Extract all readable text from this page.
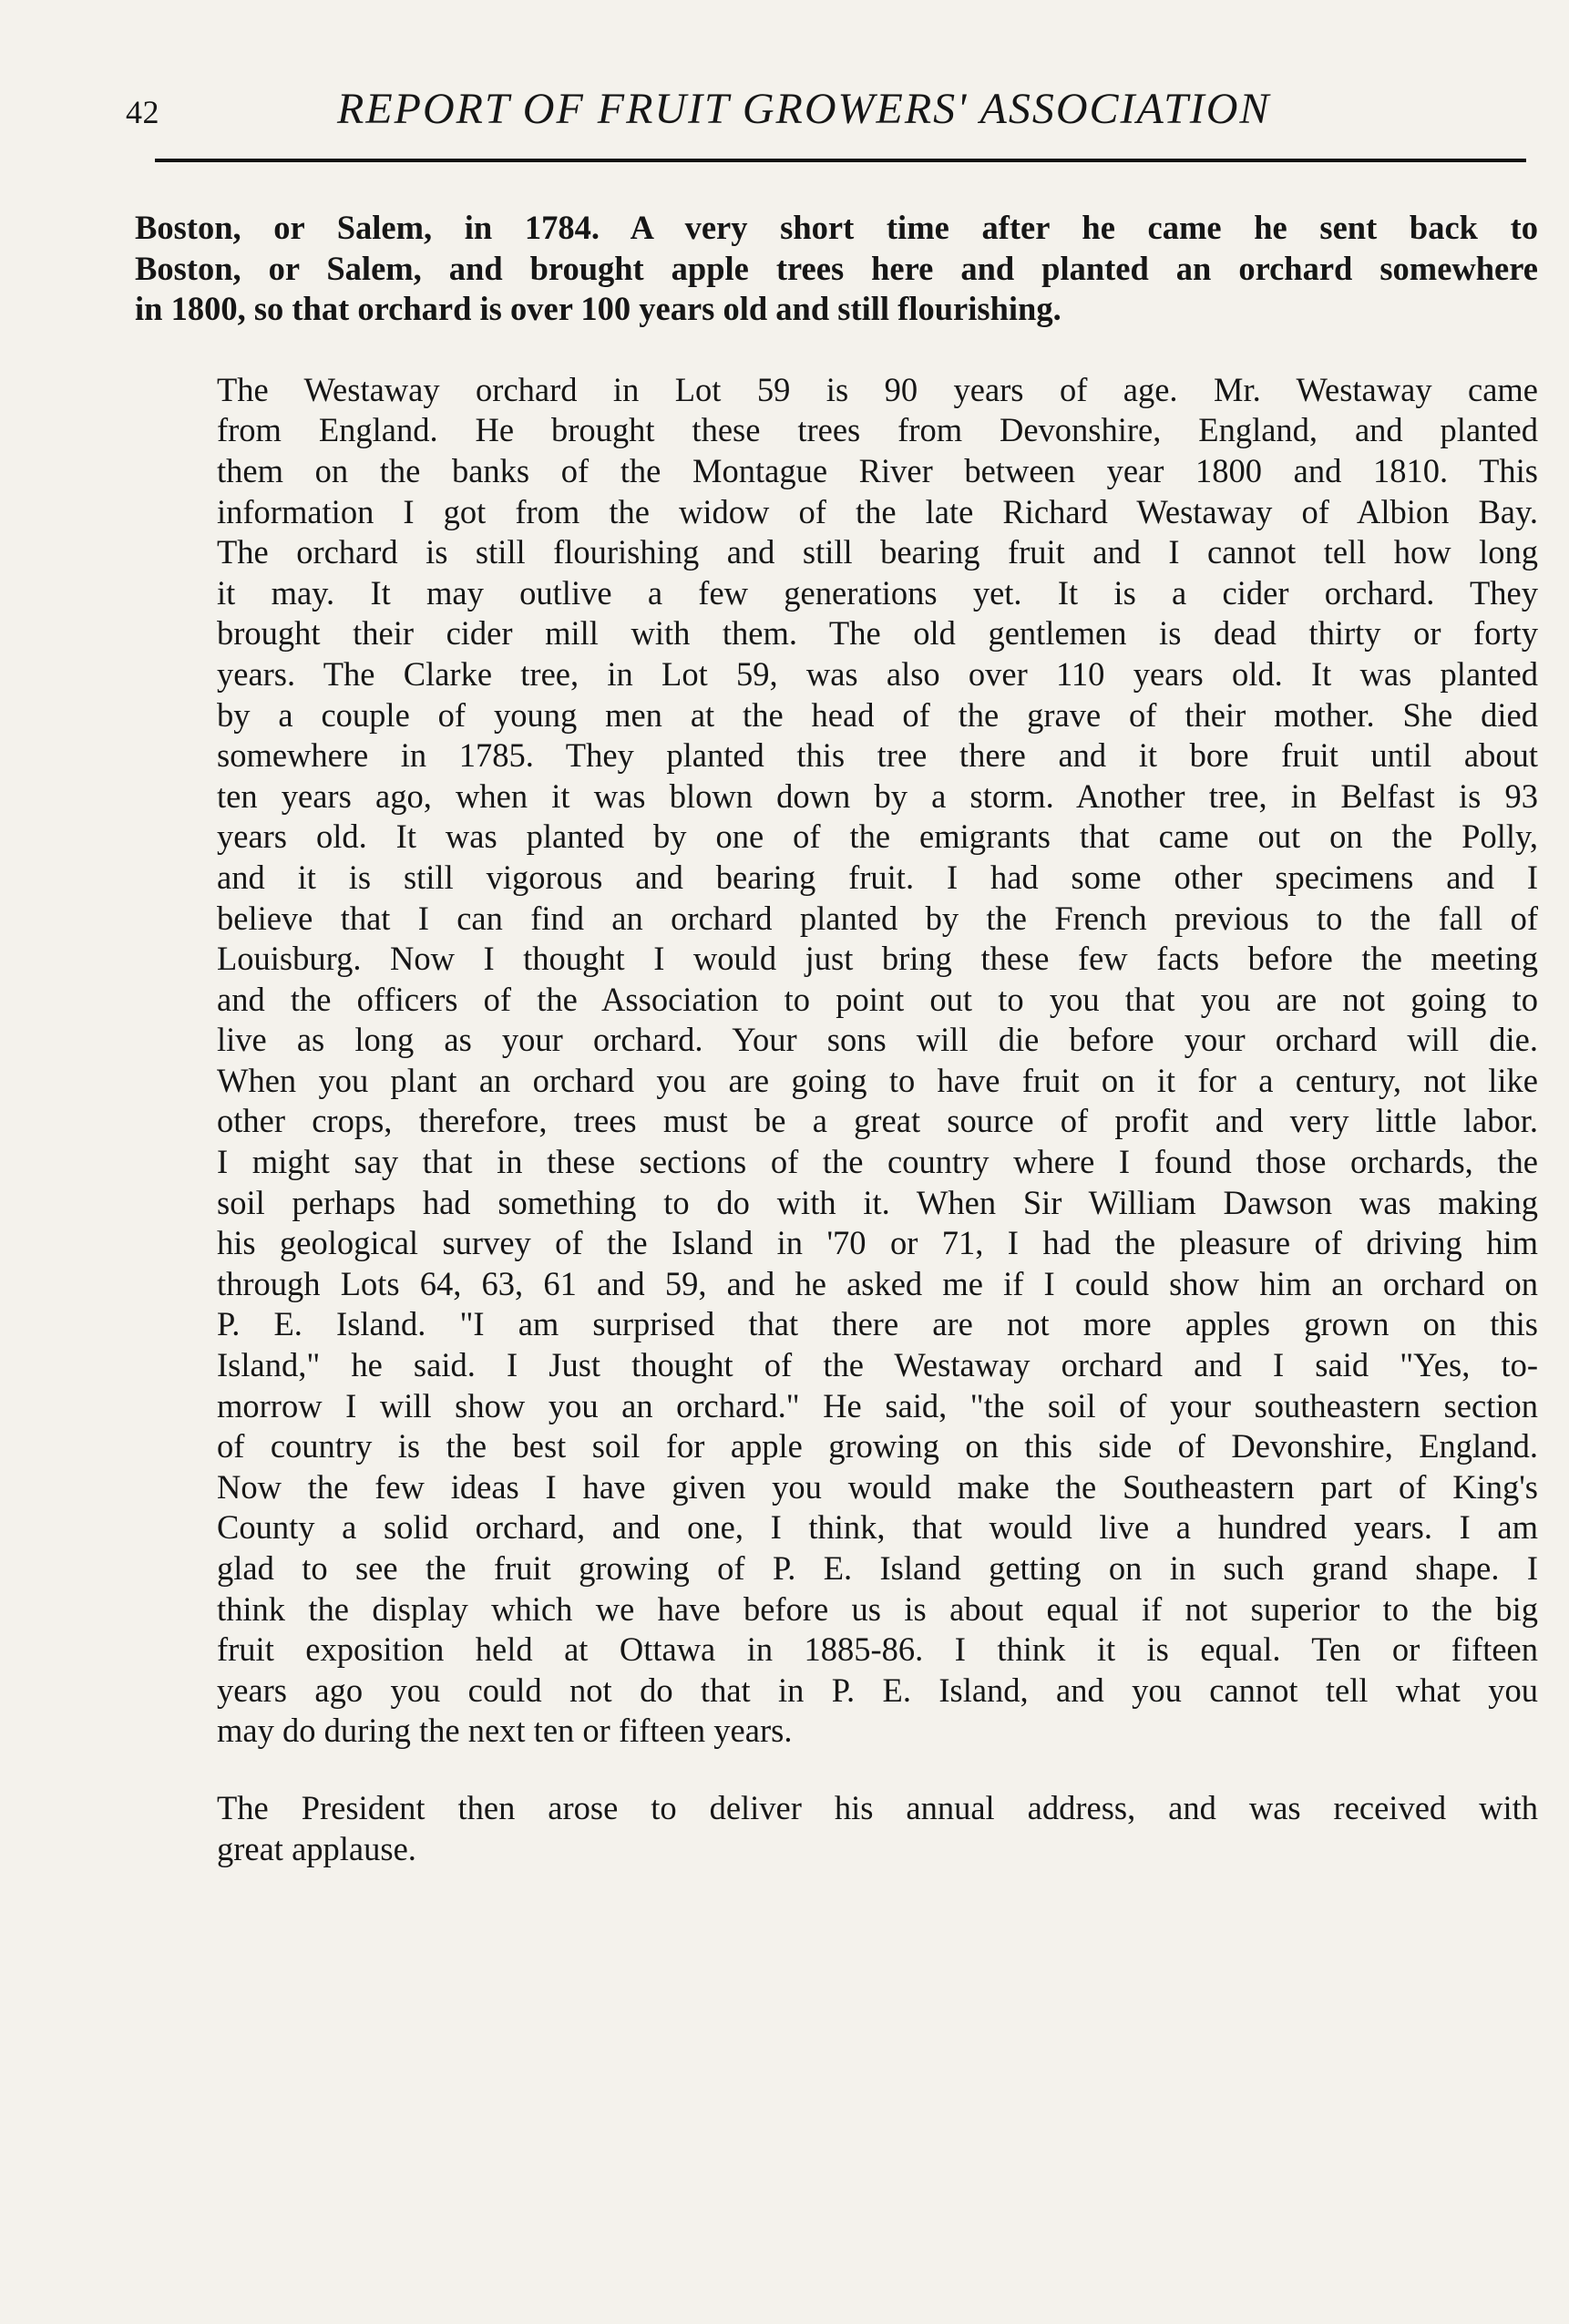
42	REPORT OF FRUIT GROWERS' ASSOCIATION

Boston, or Salem, in 1784. A very short time after he came he sent back to
Boston, or Salem, and brought apple trees here and planted an orchard somewhere
in 1800, so that orchard is over 100 years old and still flourishing.

The Westaway orchard in Lot 59 is 90 years of age. Mr. Westaway came
from England. He brought these trees from Devonshire, England, and planted
them on the banks of the Montague River between year 1800 and 1810. This
information I got from the widow of the late Richard Westaway of Albion Bay.
The orchard is still flourishing and still bearing fruit and I cannot tell how long
it may. It may outlive a few generations yet. It is a cider orchard. They
brought their cider mill with them. The old gentlemen is dead thirty or forty
years. The Clarke tree, in Lot 59, was also over 110 years old. It was planted
by a couple of young men at the head of the grave of their mother. She died
somewhere in 1785. They planted this tree there and it bore fruit until about
ten years ago, when it was blown down by a storm. Another tree, in Belfast is 93
years old. It was planted by one of the emigrants that came out on the Polly,
and it is still vigorous and bearing fruit. I had some other specimens and I
believe that I can find an orchard planted by the French previous to the fall of
Louisburg. Now I thought I would just bring these few facts before the meeting
and the officers of the Association to point out to you that you are not going to
live as long as your orchard. Your sons will die before your orchard will die.
When you plant an orchard you are going to have fruit on it for a century, not like
other crops, therefore, trees must be a great source of profit and very little labor.
I might say that in these sections of the country where I found those orchards, the
soil perhaps had something to do with it. When Sir William Dawson was making
his geological survey of the Island in '70 or 71, I had the pleasure of driving him
through Lots 64, 63, 61 and 59, and he asked me if I could show him an orchard on
P. E. Island. "I am surprised that there are not more apples grown on this
Island," he said. I Just thought of the Westaway orchard and I said "Yes, to-
morrow I will show you an orchard." He said, "the soil of your southeastern section
of country is the best soil for apple growing on this side of Devonshire, England.
Now the few ideas I have given you would make the Southeastern part of King's
County a solid orchard, and one, I think, that would live a hundred years. I am
glad to see the fruit growing of P. E. Island getting on in such grand shape. I
think the display which we have before us is about equal if not superior to the big
fruit exposition held at Ottawa in 1885-86. I think it is equal. Ten or fifteen
years ago you could not do that in P. E. Island, and you cannot tell what you
may do during the next ten or fifteen years.

The President then arose to deliver his annual address, and was received with
great applause.
